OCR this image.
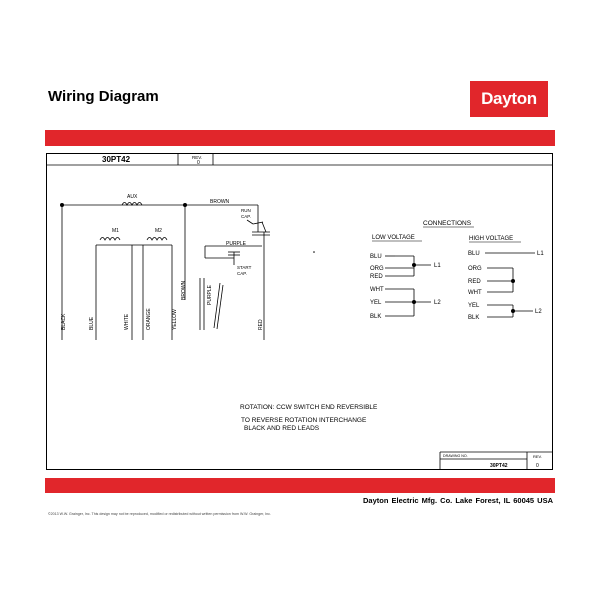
Wiring Diagram	Dayton
30PT42	REV.
0
DRAWING NO.
30PT42
REV.
0
AUX
M1	M2
BROWN
RUN
CAP.
PURPLE
START
CAP.
BLACK	BLUE	WHITE	ORANGE	YELLOW
BROWN	PURPLE
RED
CONNECTIONS
LOW VOLTAGE	HIGH VOLTAGE
BLU
ORG
RED
WHT
YEL
BLK
L1
L2
BLU
ORG
RED
WHT
YEL
BLK
L1
L2
ROTATION: CCW SWITCH END REVERSIBLE
TO REVERSE ROTATION INTERCHANGE
BLACK AND RED LEADS
Dayton Electric Mfg. Co. Lake Forest, IL 60045 USA
©2013 W.W. Grainger, Inc. This design may not be reproduced, modified or redistributed without written permission from W.W. Grainger, Inc.
